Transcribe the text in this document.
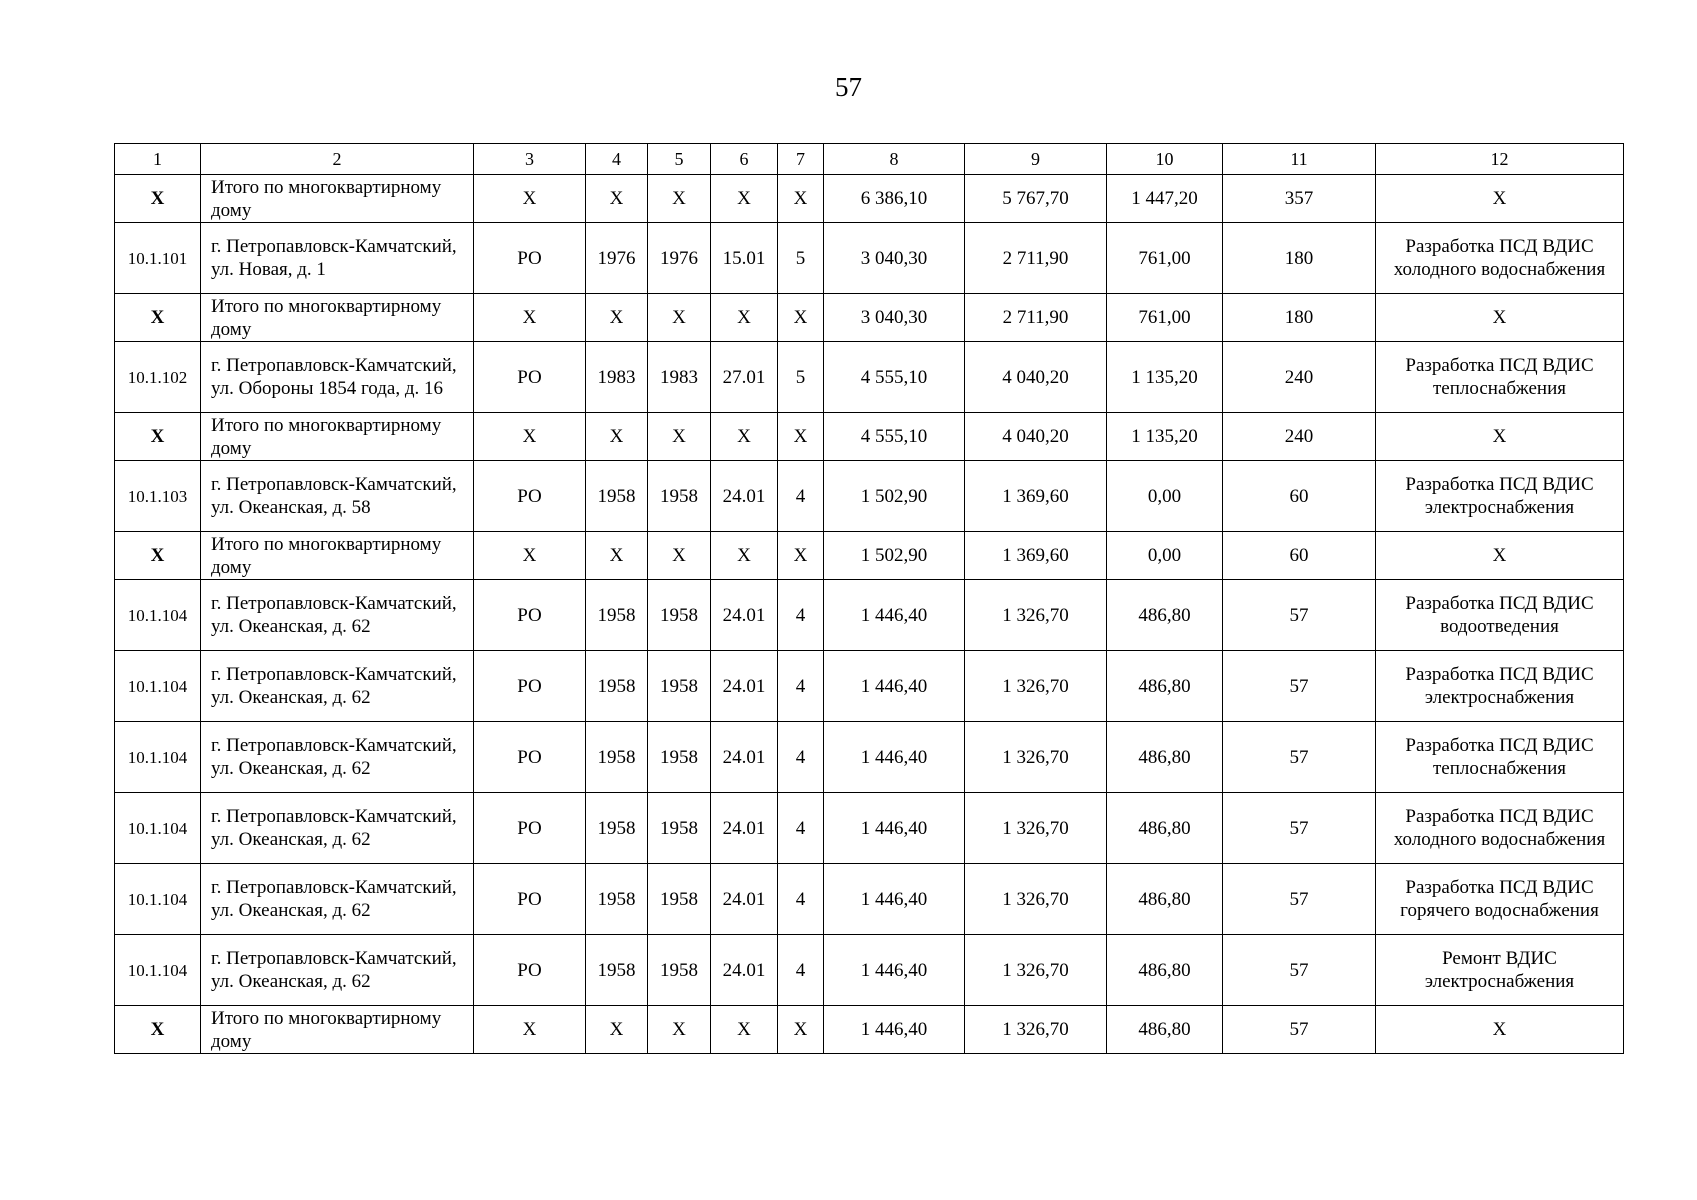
57
1	2	3	4	5	6	7	8	9	10	11	12
X	Итого по многоквартирному дому	X	X	X	X	X	6 386,10	5 767,70	1 447,20	357	X
10.1.101	г. Петропавловск-Камчатский, ул. Новая, д. 1	РО	1976	1976	15.01	5	3 040,30	2 711,90	761,00	180	Разработка ПСД ВДИС холодного водоснабжения
X	Итого по многоквартирному дому	X	X	X	X	X	3 040,30	2 711,90	761,00	180	X
10.1.102	г. Петропавловск-Камчатский, ул. Обороны 1854 года, д. 16	РО	1983	1983	27.01	5	4 555,10	4 040,20	1 135,20	240	Разработка ПСД ВДИС теплоснабжения
X	Итого по многоквартирному дому	X	X	X	X	X	4 555,10	4 040,20	1 135,20	240	X
10.1.103	г. Петропавловск-Камчатский, ул. Океанская, д. 58	РО	1958	1958	24.01	4	1 502,90	1 369,60	0,00	60	Разработка ПСД ВДИС электроснабжения
X	Итого по многоквартирному дому	X	X	X	X	X	1 502,90	1 369,60	0,00	60	X
10.1.104	г. Петропавловск-Камчатский, ул. Океанская, д. 62	РО	1958	1958	24.01	4	1 446,40	1 326,70	486,80	57	Разработка ПСД ВДИС водоотведения
10.1.104	г. Петропавловск-Камчатский, ул. Океанская, д. 62	РО	1958	1958	24.01	4	1 446,40	1 326,70	486,80	57	Разработка ПСД ВДИС электроснабжения
10.1.104	г. Петропавловск-Камчатский, ул. Океанская, д. 62	РО	1958	1958	24.01	4	1 446,40	1 326,70	486,80	57	Разработка ПСД ВДИС теплоснабжения
10.1.104	г. Петропавловск-Камчатский, ул. Океанская, д. 62	РО	1958	1958	24.01	4	1 446,40	1 326,70	486,80	57	Разработка ПСД ВДИС холодного водоснабжения
10.1.104	г. Петропавловск-Камчатский, ул. Океанская, д. 62	РО	1958	1958	24.01	4	1 446,40	1 326,70	486,80	57	Разработка ПСД ВДИС горячего водоснабжения
10.1.104	г. Петропавловск-Камчатский, ул. Океанская, д. 62	РО	1958	1958	24.01	4	1 446,40	1 326,70	486,80	57	Ремонт ВДИС электроснабжения
X	Итого по многоквартирному дому	X	X	X	X	X	1 446,40	1 326,70	486,80	57	X
